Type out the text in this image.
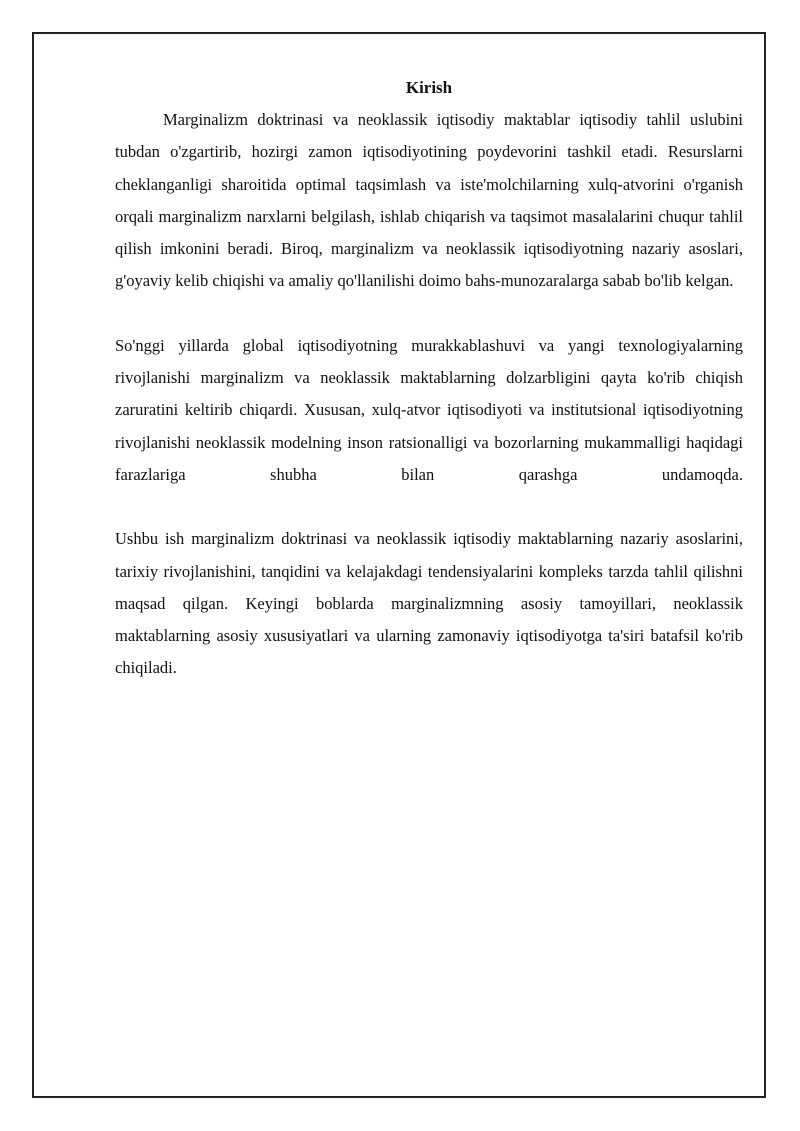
Kirish

Marginalizm doktrinasi va neoklassik iqtisodiy maktablar iqtisodiy tahlil uslubini tubdan o'zgartirib, hozirgi zamon iqtisodiyotining poydevorini tashkil etadi. Resurslarni cheklanganligi sharoitida optimal taqsimlash va iste'molchilarning xulq-atvorini o'rganish orqali marginalizm narxlarni belgilash, ishlab chiqarish va taqsimot masalalarini chuqur tahlil qilish imkonini beradi. Biroq, marginalizm va neoklassik iqtisodiyotning nazariy asoslari, g'oyaviy kelib chiqishi va amaliy qo'llanilishi doimo bahs-munozaralarga sabab bo'lib kelgan.

So'nggi yillarda global iqtisodiyotning murakkablashuvi va yangi texnologiyalarning rivojlanishi marginalizm va neoklassik maktablarning dolzarbligini qayta ko'rib chiqish zaruratini keltirib chiqardi. Xususan, xulq-atvor iqtisodiyoti va institutsional iqtisodiyotning rivojlanishi neoklassik modelning inson ratsionalligi va bozorlarning mukammalligi haqidagi farazlariga shubha bilan qarashga undamoqda.

Ushbu ish marginalizm doktrinasi va neoklassik iqtisodiy maktablarning nazariy asoslarini, tarixiy rivojlanishini, tanqidini va kelajakdagi tendensiyalarini kompleks tarzda tahlil qilishni maqsad qilgan. Keyingi boblarda marginalizmning asosiy tamoyillari, neoklassik maktablarning asosiy xususiyatlari va ularning zamonaviy iqtisodiyotga ta'siri batafsil ko'rib chiqiladi.
